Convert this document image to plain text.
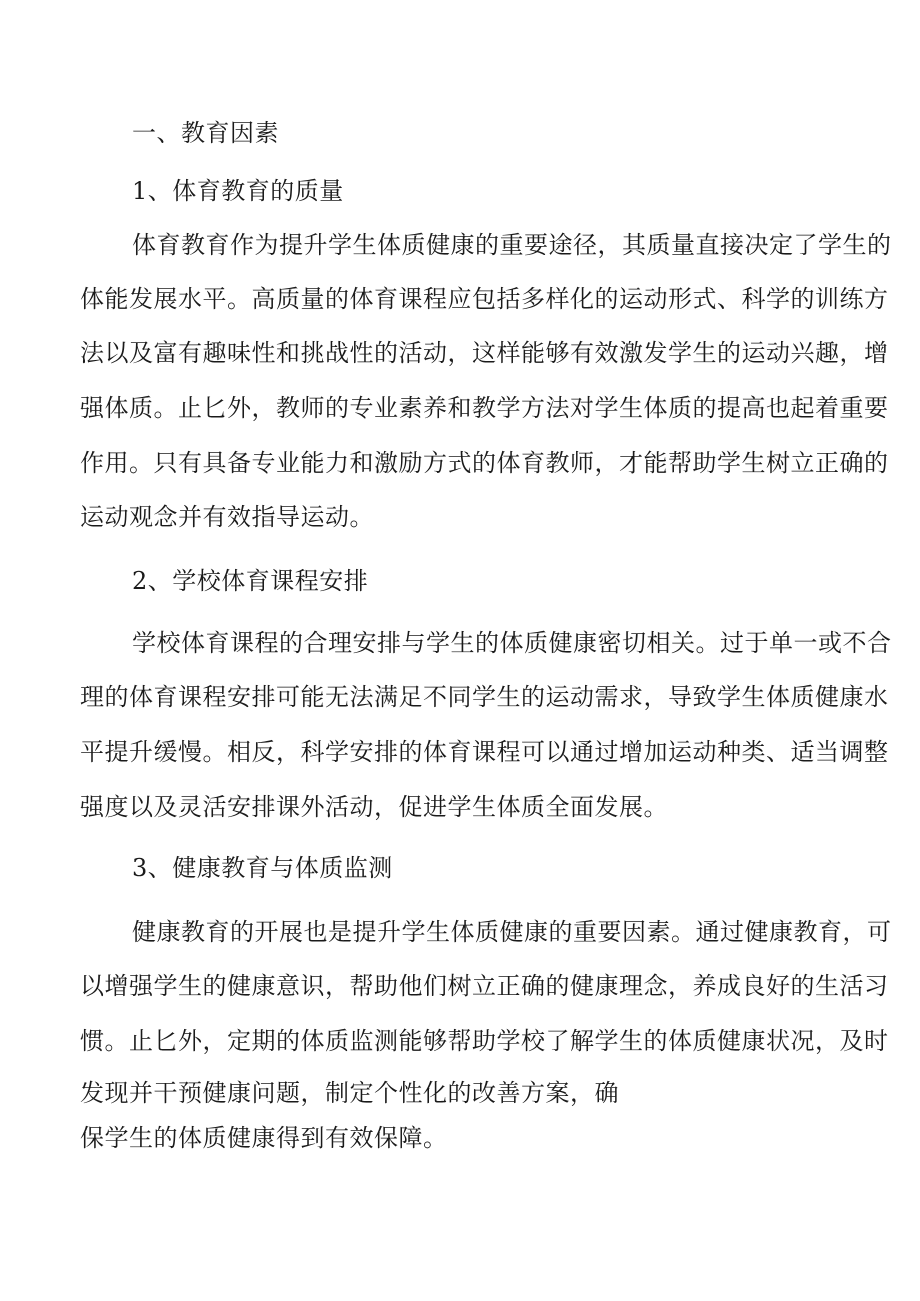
一、教育因素
1、体育教育的质量
体育教育作为提升学生体质健康的重要途径，其质量直接决定了学生的
体能发展水平。高质量的体育课程应包括多样化的运动形式、科学的训练方
法以及富有趣味性和挑战性的活动，这样能够有效激发学生的运动兴趣，增
强体质。止匕外，教师的专业素养和教学方法对学生体质的提高也起着重要
作用。只有具备专业能力和激励方式的体育教师，才能帮助学生树立正确的
运动观念并有效指导运动。
2、学校体育课程安排
学校体育课程的合理安排与学生的体质健康密切相关。过于单一或不合
理的体育课程安排可能无法满足不同学生的运动需求，导致学生体质健康水
平提升缓慢。相反，科学安排的体育课程可以通过增加运动种类、适当调整
强度以及灵活安排课外活动，促进学生体质全面发展。
3、健康教育与体质监测
健康教育的开展也是提升学生体质健康的重要因素。通过健康教育，可
以增强学生的健康意识，帮助他们树立正确的健康理念，养成良好的生活习
惯。止匕外，定期的体质监测能够帮助学校了解学生的体质健康状况，及时
发现并干预健康问题，制定个性化的改善方案，确
保学生的体质健康得到有效保障。
